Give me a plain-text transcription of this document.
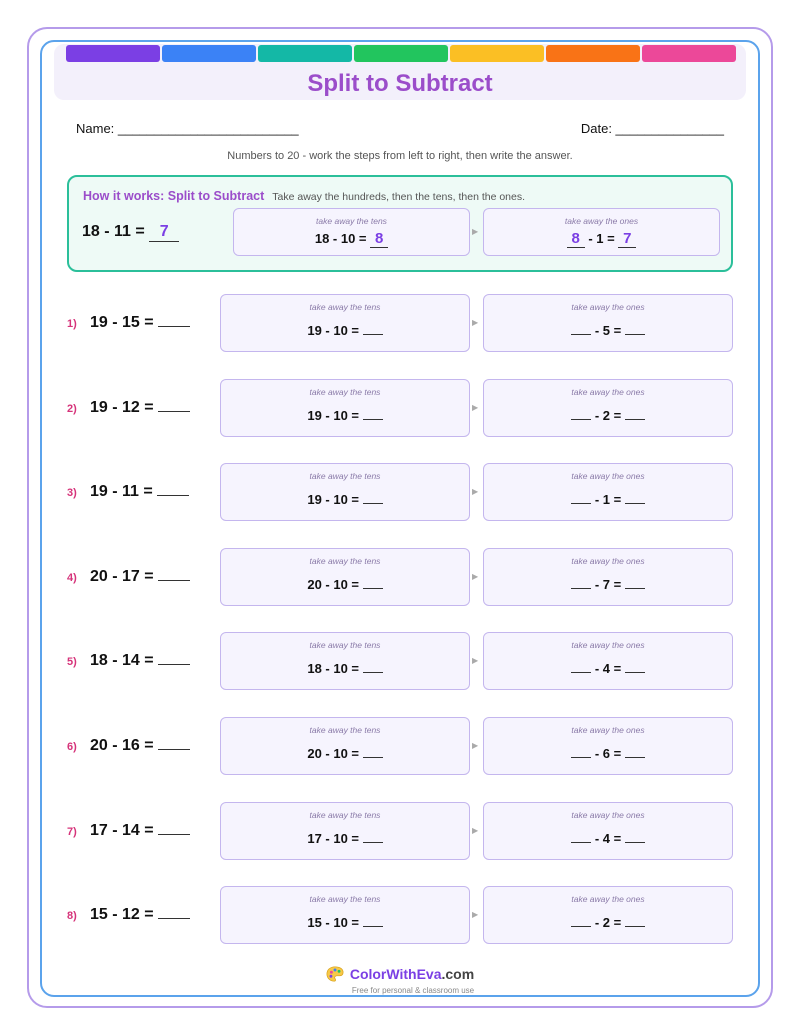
Split to Subtract
Name: _________________________	Date: _______________
Numbers to 20 - work the steps from left to right, then write the answer.
How it works: Split to Subtract Take away the hundreds, then the tens, then the ones.
18 - 11 = 7
take away the tens
18 - 10 = 8	▶
take away the ones
8 - 1 = 7
1) 19 - 15 =
take away the tens
19 - 10 =
▶
take away the ones
- 5 =
2) 19 - 12 =
take away the tens
19 - 10 =
▶
take away the ones
- 2 =
3) 19 - 11 =
take away the tens
19 - 10 =
▶
take away the ones
- 1 =
4) 20 - 17 =
take away the tens
20 - 10 =
▶
take away the ones
- 7 =
5) 18 - 14 =
take away the tens
18 - 10 =
▶
take away the ones
- 4 =
6) 20 - 16 =
take away the tens
20 - 10 =
▶
take away the ones
- 6 =
7) 17 - 14 =
take away the tens
17 - 10 =
▶
take away the ones
- 4 =
8) 15 - 12 =
take away the tens
15 - 10 =
▶
take away the ones
- 2 =
ColorWithEva.com
Free for personal & classroom use
